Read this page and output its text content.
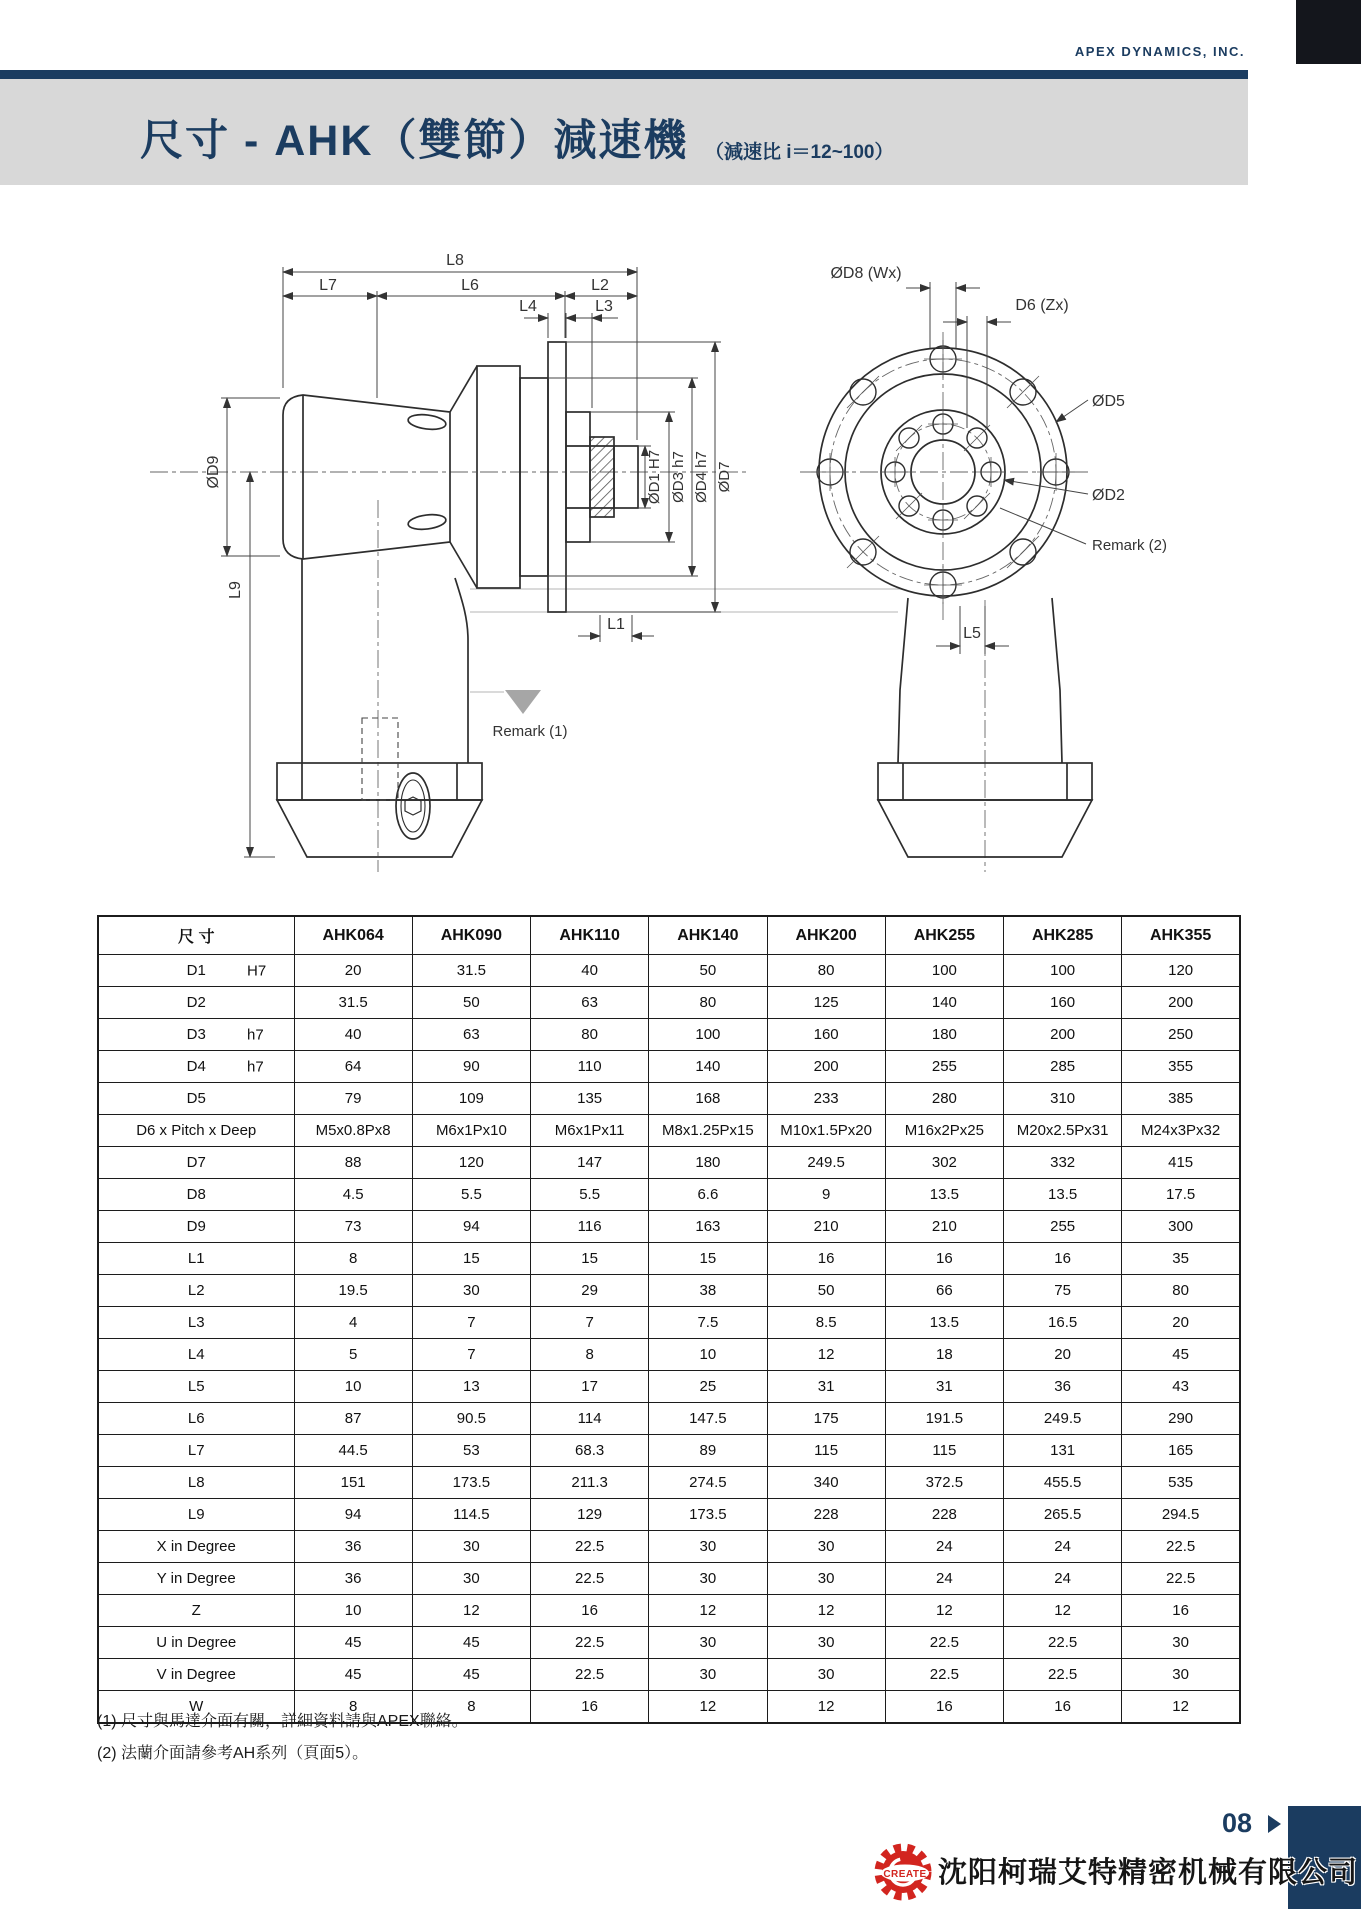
APEX DYNAMICS, INC.
尺寸 - AHK（雙節）減速機 （減速比 i＝12~100）
L8
L7	L6	L2
L4	L3
ØD9
L9
ØD1 H7 ØD3 h7 ØD4 h7 ØD7
L1
Remark (1)
ØD8 (Wx)
D6 (Zx)
ØD5
ØD2
Remark (2)
L5
尺 寸	AHK064	AHK090	AHK110	AHK140	AHK200	AHK255	AHK285	AHK355
D1 H7	20	31.5	40	50	80	100	100	120
D2	31.5	50	63	80	125	140	160	200
D3 h7	40	63	80	100	160	180	200	250
D4 h7	64	90	110	140	200	255	285	355
D5	79	109	135	168	233	280	310	385
D6 x Pitch x Deep	M5x0.8Px8	M6x1Px10	M6x1Px11	M8x1.25Px15	M10x1.5Px20	M16x2Px25	M20x2.5Px31	M24x3Px32
D7	88	120	147	180	249.5	302	332	415
D8	4.5	5.5	5.5	6.6	9	13.5	13.5	17.5
D9	73	94	116	163	210	210	255	300
L1	8	15	15	15	16	16	16	35
L2	19.5	30	29	38	50	66	75	80
L3	4	7	7	7.5	8.5	13.5	16.5	20
L4	5	7	8	10	12	18	20	45
L5	10	13	17	25	31	31	36	43
L6	87	90.5	114	147.5	175	191.5	249.5	290
L7	44.5	53	68.3	89	115	115	131	165
L8	151	173.5	211.3	274.5	340	372.5	455.5	535
L9	94	114.5	129	173.5	228	228	265.5	294.5
X in Degree	36	30	22.5	30	30	24	24	22.5
Y in Degree	36	30	22.5	30	30	24	24	22.5
Z	10	12	16	12	12	12	12	16
U in Degree	45	45	22.5	30	30	22.5	22.5	30
V in Degree	45	45	22.5	30	30	22.5	22.5	30
W	8	8	16	12	12	16	16	12
(1) 尺寸與馬達介面有關，詳細資料請與APEX聯絡。
(2) 法蘭介面請參考AH系列（頁面5）。
08
CREATE 沈阳柯瑞艾特精密机械有限公司
